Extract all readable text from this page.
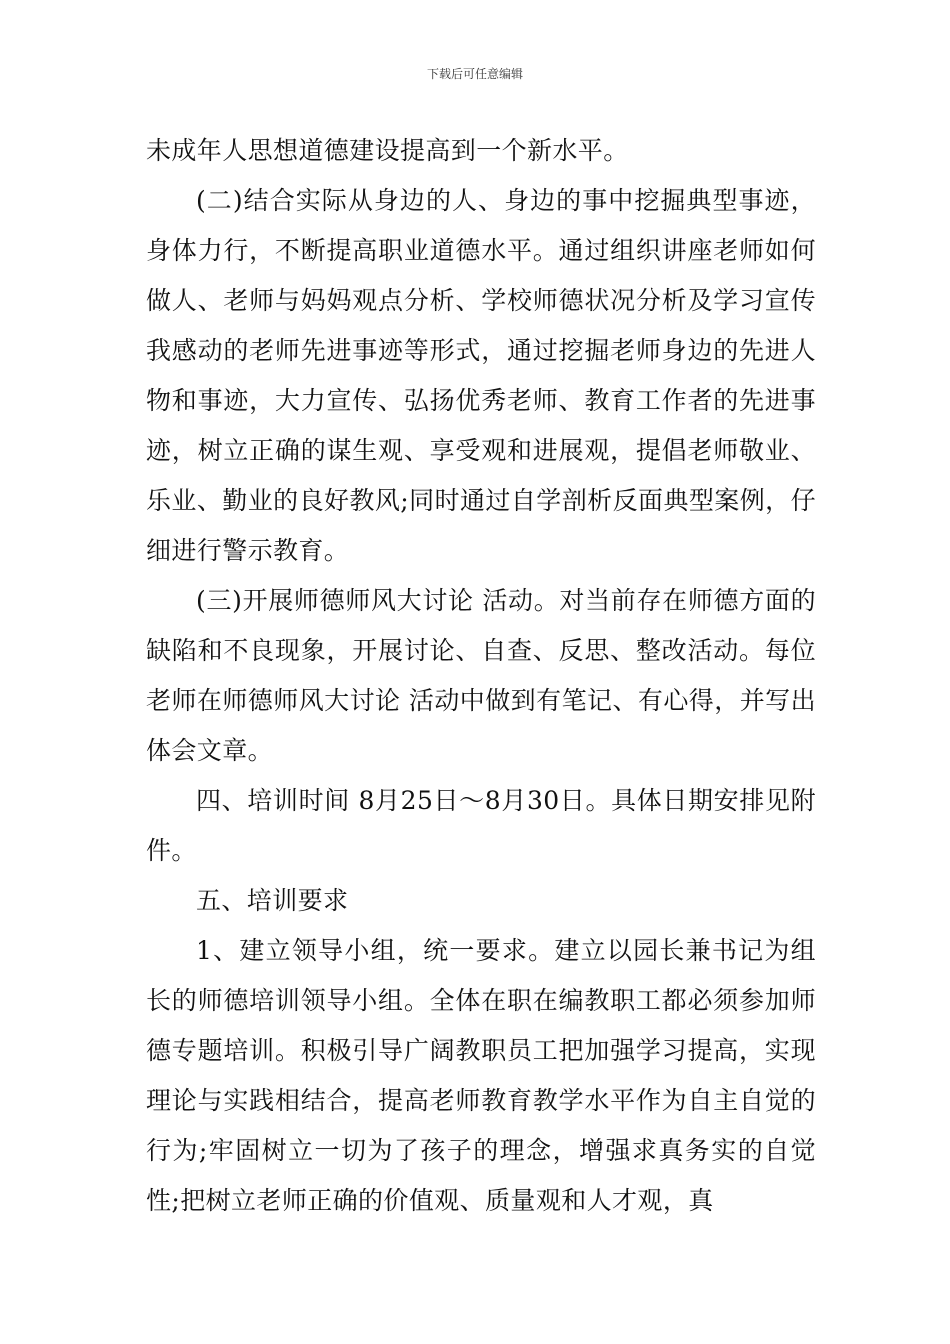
下载后可任意编辑

未成年人思想道德建设提高到一个新水平。

(二)结合实际从身边的人、身边的事中挖掘典型事迹，身体力行，不断提高职业道德水平。通过组织讲座老师如何做人、老师与妈妈观点分析、学校师德状况分析及学习宣传我感动的老师先进事迹等形式，通过挖掘老师身边的先进人物和事迹，大力宣传、弘扬优秀老师、教育工作者的先进事迹，树立正确的谋生观、享受观和进展观，提倡老师敬业、乐业、勤业的良好教风;同时通过自学剖析反面典型案例，仔细进行警示教育。

(三)开展师德师风大讨论 活动。对当前存在师德方面的缺陷和不良现象，开展讨论、自查、反思、整改活动。每位老师在师德师风大讨论 活动中做到有笔记、有心得，并写出体会文章。

四、培训时间 8月25日～8月30日。具体日期安排见附件。

五、培训要求

1、建立领导小组，统一要求。建立以园长兼书记为组长的师德培训领导小组。全体在职在编教职工都必须参加师德专题培训。积极引导广阔教职员工把加强学习提高，实现理论与实践相结合，提高老师教育教学水平作为自主自觉的行为;牢固树立一切为了孩子的理念，增强求真务实的自觉性;把树立老师正确的价值观、质量观和人才观，真
